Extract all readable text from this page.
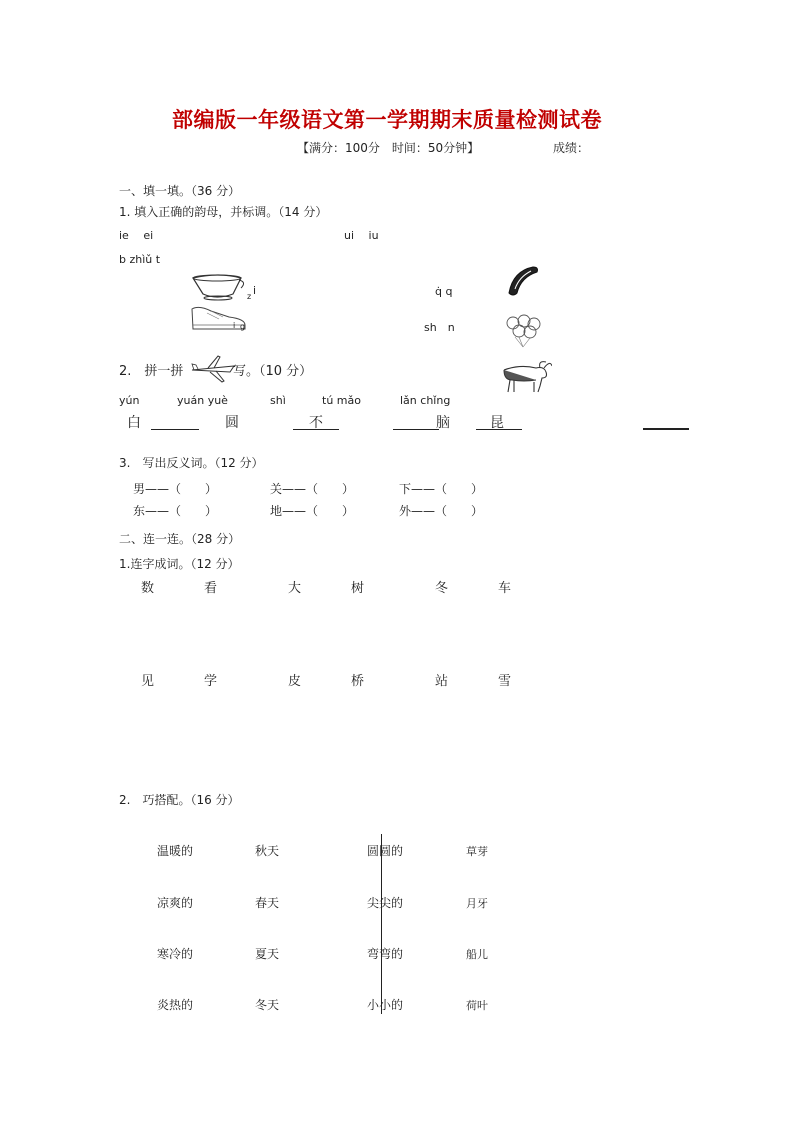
部编版一年级语文第一学期期末质量检测试卷
【满分：100分　时间：50分钟】	成绩：
一、填一填。（36 分）
1. 填入正确的韵母，并标调。（14 分）
ie　 ei	ui　 iu
b zhìǔ t
i
z
i g
q̇ q
sh　n
2.　拼一拼	写。（10 分）
yún	yuán yuè	shì	tú mǎo	lǎn chǐng
白	圆	不	脑	昆
3.　写出反义词。（12 分）
男——（　　）	关——（　　）	下——（　　）
东——（　　）	地——（　　）	外——（　　）
二、连一连。（28 分）
1.连字成词。（12 分）
数	看	大	树	冬	车
见	学	皮	桥	站	雪
2.　巧搭配。（16 分）
温暖的	秋天	圆圆的	草芽
凉爽的	春天	尖尖的	月牙
寒冷的	夏天	弯弯的	船儿
炎热的	冬天	小小的	荷叶
